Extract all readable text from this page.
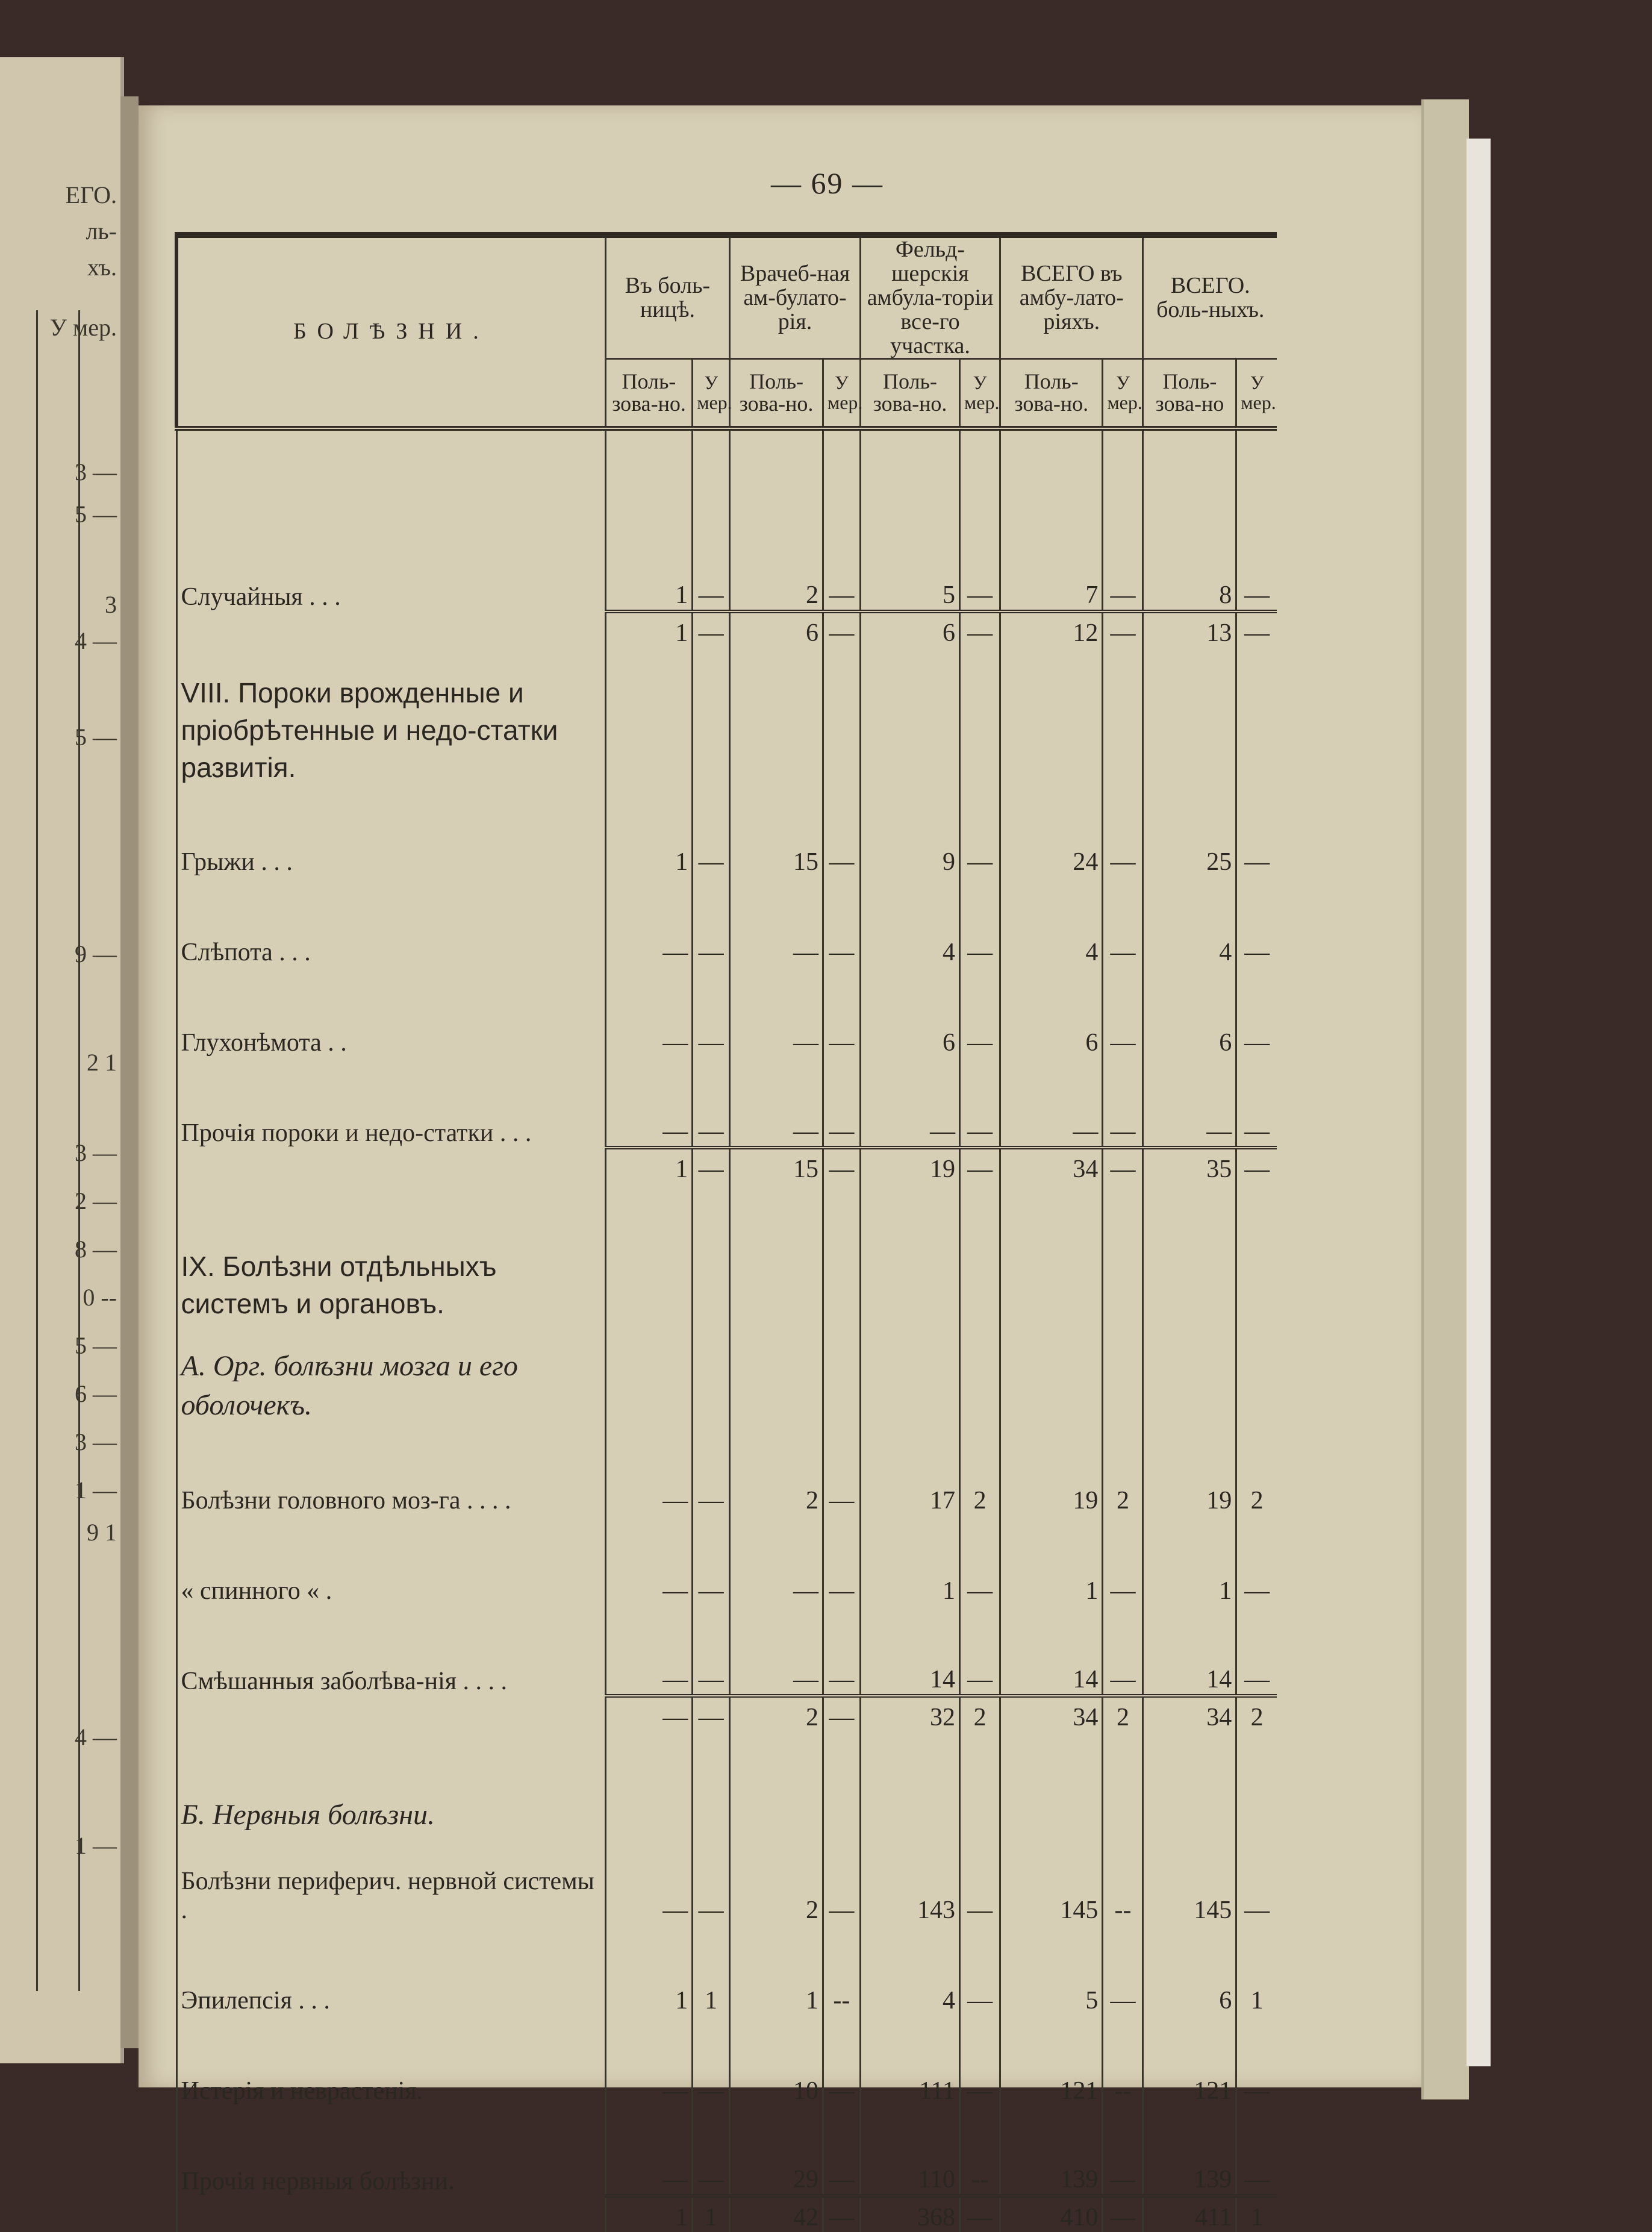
ЕГО.
ль-
хъ.
У мер.
3 —
5 —
3
4 —
5 —
9 —
2 1
3 —
2 —
8 —
0 --
5 —
6 —
3 —
1 —
9 1
4 —
1 —
— 69 —
БОЛѢЗНИ.	Въ боль-ницѣ.		Врачеб-ная ам-булато-рія.		Фельд-шерскія амбула-торіи все-го участка.		ВСЕГО въ амбу-лато-ріяхъ.		ВСЕГО. боль-ныхъ.	
	Поль-зова-но.	У мер.	Поль-зова-но.	У мер.	Поль-зова-но.	У мер.	Поль-зова-но.	У мер.	Поль-зова-но	У мер.

Случайныя . . .	1	—	2	—	5	—	7	—	8	—
	1	—	6	—	6	—	12	—	13	—
VIII. Пороки врожденные и пріобрѣтенные и недо-статки развитія.										
Грыжи . . .	1	—	15	—	9	—	24	—	25	—
Слѣпота . . .	—	—	—	—	4	—	4	—	4	—
Глухонѣмота . .	—	—	—	—	6	—	6	—	6	—
Прочія пороки и недо-статки . . .	—	—	—	—	—	—	—	—	—	—
	1	—	15	—	19	—	34	—	35	—
IX. Болѣзни отдѣльныхъ системъ и органовъ.										
А. Орг. болѣзни мозга и его оболочекъ.										
Болѣзни головного моз-га . . . .	—	—	2	—	17	2	19	2	19	2
« спинного « .	—	—	—	—	1	—	1	—	1	—
Смѣшанныя заболѣва-нія . . . .	—	—	—	—	14	—	14	—	14	—
	—	—	2	—	32	2	34	2	34	2
Б. Нервныя болѣзни.										
Болѣзни периферич. нервной системы .	—	—	2	—	143	—	145	--	145	—
Эпилепсія . . .	1	1	1	--	4	—	5	—	6	1
Истерія и неврастенія.	—	—	10	—	111	—	121	--	121	—
Прочія нервныя болѣзни.	—	—	29	—	110	--	139	—	139	—
	1	1	42	—	368	—	410	—	411	1
